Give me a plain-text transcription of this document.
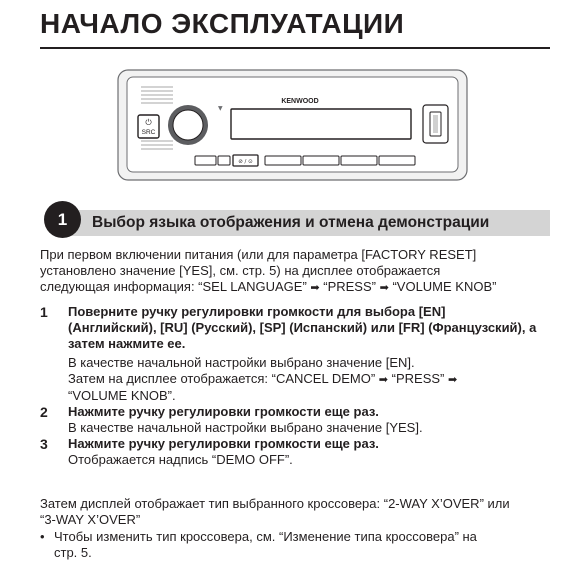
НАЧАЛО ЭКСПЛУАТАЦИИ
⏻
SRC
▼
KENWOOD
⊘ / ⊙
1	Выбор языка отображения и отмена демонстрации
При первом включении питания (или для параметра [FACTORY RESET]
установлено значение [YES], см. стр. 5) на дисплее отображается
следующая информация: “SEL LANGUAGE” ➡ “PRESS” ➡ “VOLUME KNOB”
1 Поверните ручку регулировки громкости для выбора [EN]
(Английский), [RU] (Русский), [SP] (Испанский) или [FR] (Французский), а
затем нажмите ее.
В качестве начальной настройки выбрано значение [EN].
Затем на дисплее отображается: “CANCEL DEMO” ➡ “PRESS” ➡
“VOLUME KNOB”.
2 Нажмите ручку регулировки громкости еще раз.
В качестве начальной настройки выбрано значение [YES].
3 Нажмите ручку регулировки громкости еще раз.
Отображается надпись “DEMO OFF”.
Затем дисплей отображает тип выбранного кроссовера: “2-WAY X’OVER” или
“3-WAY X’OVER”
• Чтобы изменить тип кроссовера, см. “Изменение типа кроссовера” на
стр. 5.
